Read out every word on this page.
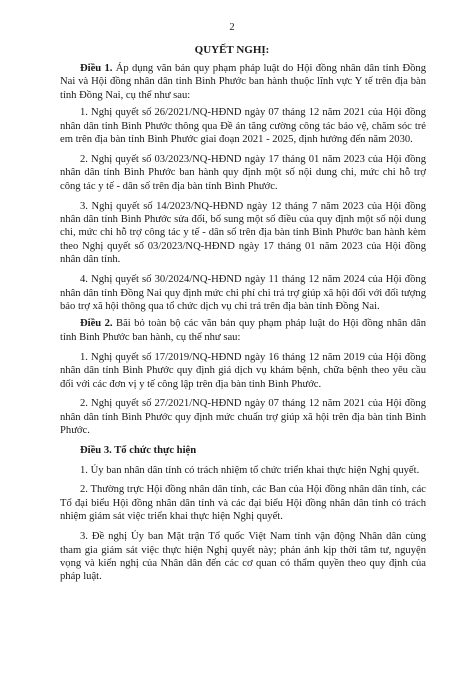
2
QUYẾT NGHỊ:

Điều 1. Áp dụng văn bản quy phạm pháp luật do Hội đồng nhân dân tỉnh Đồng Nai và Hội đồng nhân dân tỉnh Bình Phước ban hành thuộc lĩnh vực Y tế trên địa bàn tỉnh Đồng Nai, cụ thể như sau:

1. Nghị quyết số 26/2021/NQ-HĐND ngày 07 tháng 12 năm 2021 của Hội đồng nhân dân tỉnh Bình Phước thông qua Đề án tăng cường công tác bảo vệ, chăm sóc trẻ em trên địa bàn tỉnh Bình Phước giai đoạn 2021 - 2025, định hướng đến năm 2030.

2. Nghị quyết số 03/2023/NQ-HĐND ngày 17 tháng 01 năm 2023 của Hội đồng nhân dân tỉnh Bình Phước ban hành quy định một số nội dung chi, mức chi hỗ trợ công tác y tế - dân số trên địa bàn tỉnh Bình Phước.

3. Nghị quyết số 14/2023/NQ-HĐND ngày 12 tháng 7 năm 2023 của Hội đồng nhân dân tỉnh Bình Phước sửa đổi, bổ sung một số điều của quy định một số nội dung chi, mức chi hỗ trợ công tác y tế - dân số trên địa bàn tỉnh Bình Phước ban hành kèm theo Nghị quyết số 03/2023/NQ-HĐND ngày 17 tháng 01 năm 2023 của Hội đồng nhân dân tỉnh.

4. Nghị quyết số 30/2024/NQ-HĐND ngày 11 tháng 12 năm 2024 của Hội đồng nhân dân tỉnh Đồng Nai quy định mức chi phí chi trả trợ giúp xã hội đối với đối tượng bảo trợ xã hội thông qua tổ chức dịch vụ chi trả trên địa bàn tỉnh Đồng Nai.

Điều 2. Bãi bỏ toàn bộ các văn bản quy phạm pháp luật do Hội đồng nhân dân tỉnh Bình Phước ban hành, cụ thể như sau:

1. Nghị quyết số 17/2019/NQ-HĐND ngày 16 tháng 12 năm 2019 của Hội đồng nhân dân tỉnh Bình Phước quy định giá dịch vụ khám bệnh, chữa bệnh theo yêu cầu đối với các đơn vị y tế công lập trên địa bàn tỉnh Bình Phước.

2. Nghị quyết số 27/2021/NQ-HĐND ngày 07 tháng 12 năm 2021 của Hội đồng nhân dân tỉnh Bình Phước quy định mức chuẩn trợ giúp xã hội trên địa bàn tỉnh Bình Phước.

Điều 3. Tổ chức thực hiện

1. Ủy ban nhân dân tỉnh có trách nhiệm tổ chức triển khai thực hiện Nghị quyết.

2. Thường trực Hội đồng nhân dân tỉnh, các Ban của Hội đồng nhân dân tỉnh, các Tổ đại biểu Hội đồng nhân dân tỉnh và các đại biểu Hội đồng nhân dân tỉnh có trách nhiệm giám sát việc triển khai thực hiện Nghị quyết.

3. Đề nghị Ủy ban Mặt trận Tổ quốc Việt Nam tỉnh vận động Nhân dân cùng tham gia giám sát việc thực hiện Nghị quyết này; phản ánh kịp thời tâm tư, nguyện vọng và kiến nghị của Nhân dân đến các cơ quan có thẩm quyền theo quy định của pháp luật.
